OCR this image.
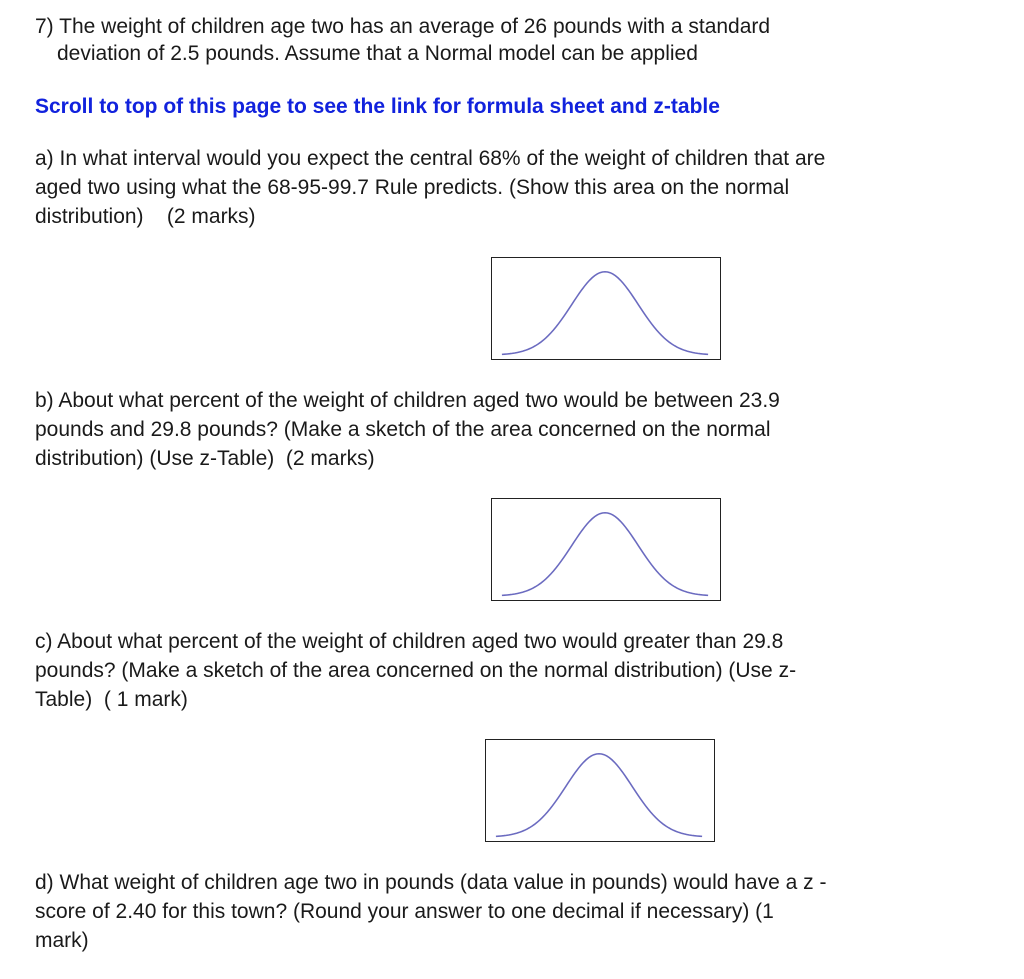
7) The weight of children age two has an average of 26 pounds with a standard
deviation of 2.5 pounds. Assume that a Normal model can be applied

Scroll to top of this page to see the link for formula sheet and z-table

a) In what interval would you expect the central 68% of the weight of children that are
aged two using what the 68-95-99.7 Rule predicts. (Show this area on the normal
distribution)    (2 marks)

b) About what percent of the weight of children aged two would be between 23.9
pounds and 29.8 pounds? (Make a sketch of the area concerned on the normal
distribution) (Use z-Table)  (2 marks)

c) About what percent of the weight of children aged two would greater than 29.8
pounds? (Make a sketch of the area concerned on the normal distribution) (Use z-
Table)  ( 1 mark)

d) What weight of children age two in pounds (data value in pounds) would have a z -
score of 2.40 for this town? (Round your answer to one decimal if necessary) (1
mark)
